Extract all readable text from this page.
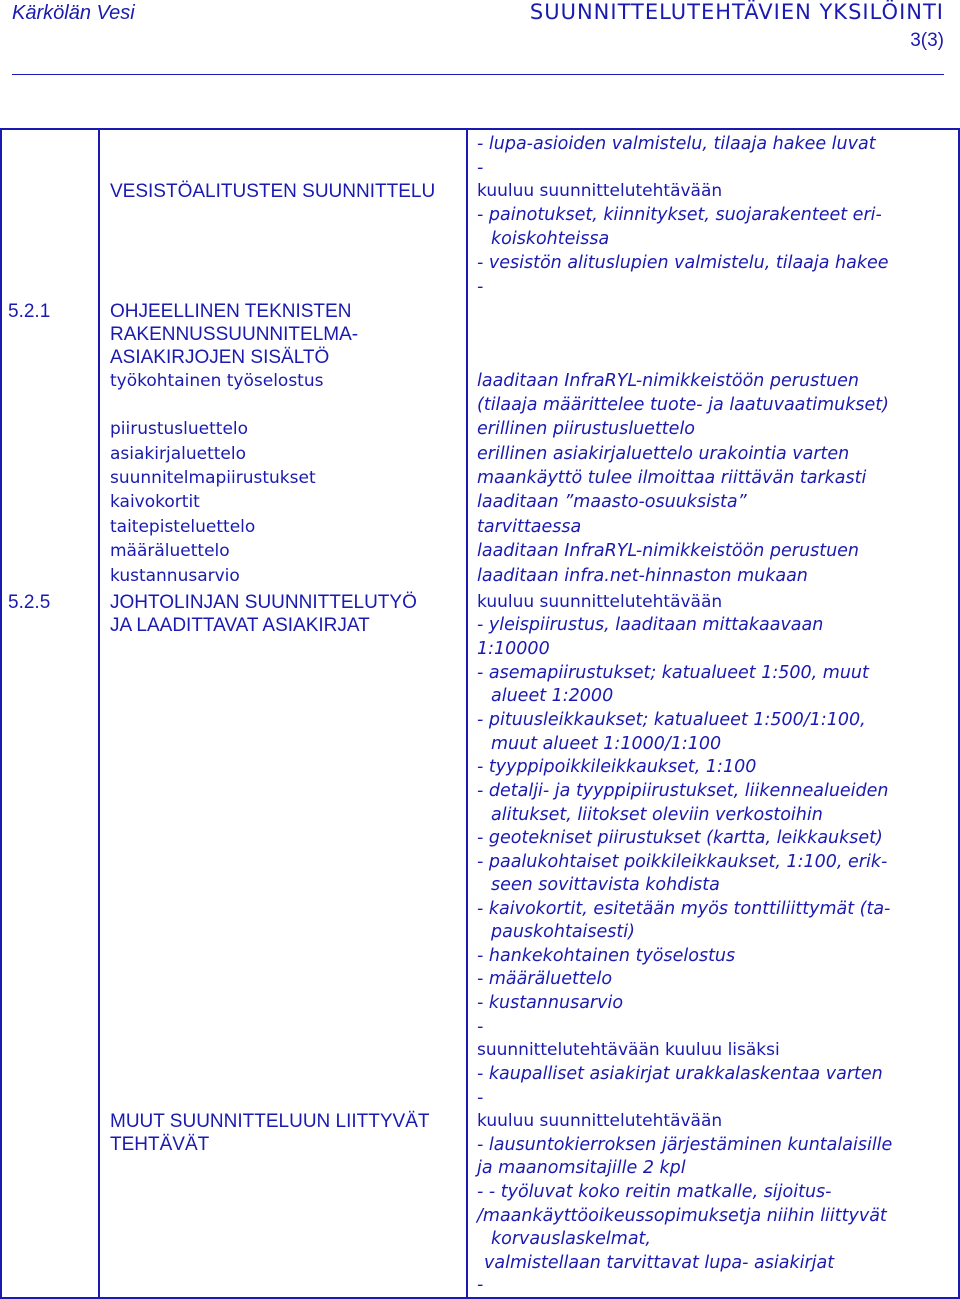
Kärkölän Vesi	SUUNNITTELUTEHTÄVIEN YKSILÖINTI
3(3)
5.2.1
5.2.5
VESISTÖALITUSTEN SUUNNITTELU
OHJEELLINEN TEKNISTEN
RAKENNUSSUUNNITELMA-
ASIAKIRJOJEN SISÄLTÖ
työkohtainen työselostus
piirustusluettelo
asiakirjaluettelo
suunnitelmapiirustukset
kaivokortit
taitepisteluettelo
määräluettelo
kustannusarvio
JOHTOLINJAN SUUNNITTELUTYÖ
JA LAADITTAVAT ASIAKIRJAT
MUUT SUUNNITTELUUN LIITTYVÄT
TEHTÄVÄT
- lupa-asioiden valmistelu, tilaaja hakee luvat
-
kuuluu suunnittelutehtävään
- painotukset, kiinnitykset, suojarakenteet eri-
koiskohteissa
- vesistön alituslupien valmistelu, tilaaja hakee
-
laaditaan InfraRYL-nimikkeistöön perustuen
(tilaaja määrittelee tuote- ja laatuvaatimukset)
erillinen piirustusluettelo
erillinen asiakirjaluettelo urakointia varten
maankäyttö tulee ilmoittaa riittävän tarkasti
laaditaan ”maasto-osuuksista”
tarvittaessa
laaditaan InfraRYL-nimikkeistöön perustuen
laaditaan infra.net-hinnaston mukaan
kuuluu suunnittelutehtävään
- yleispiirustus, laaditaan mittakaavaan
1:10000
- asemapiirustukset; katualueet 1:500, muut
alueet 1:2000
- pituusleikkaukset; katualueet 1:500/1:100,
muut alueet 1:1000/1:100
- tyyppipoikkileikkaukset, 1:100
- detalji- ja tyyppipiirustukset, liikennealueiden
alitukset, liitokset oleviin verkostoihin
- geotekniset piirustukset (kartta, leikkaukset)
- paalukohtaiset poikkileikkaukset, 1:100, erik-
seen sovittavista kohdista
- kaivokortit, esitetään myös tonttiliittymät (ta-
pauskohtaisesti)
- hankekohtainen työselostus
- määräluettelo
- kustannusarvio
-
suunnittelutehtävään kuuluu lisäksi
- kaupalliset asiakirjat urakkalaskentaa varten
-
kuuluu suunnittelutehtävään
- lausuntokierroksen järjestäminen kuntalaisille
ja maanomsitajille 2 kpl
- - työluvat koko reitin matkalle, sijoitus-
/maankäyttöoikeussopimuksetja niihin liittyvät
korvauslaskelmat,
valmistellaan tarvittavat lupa- asiakirjat
-
